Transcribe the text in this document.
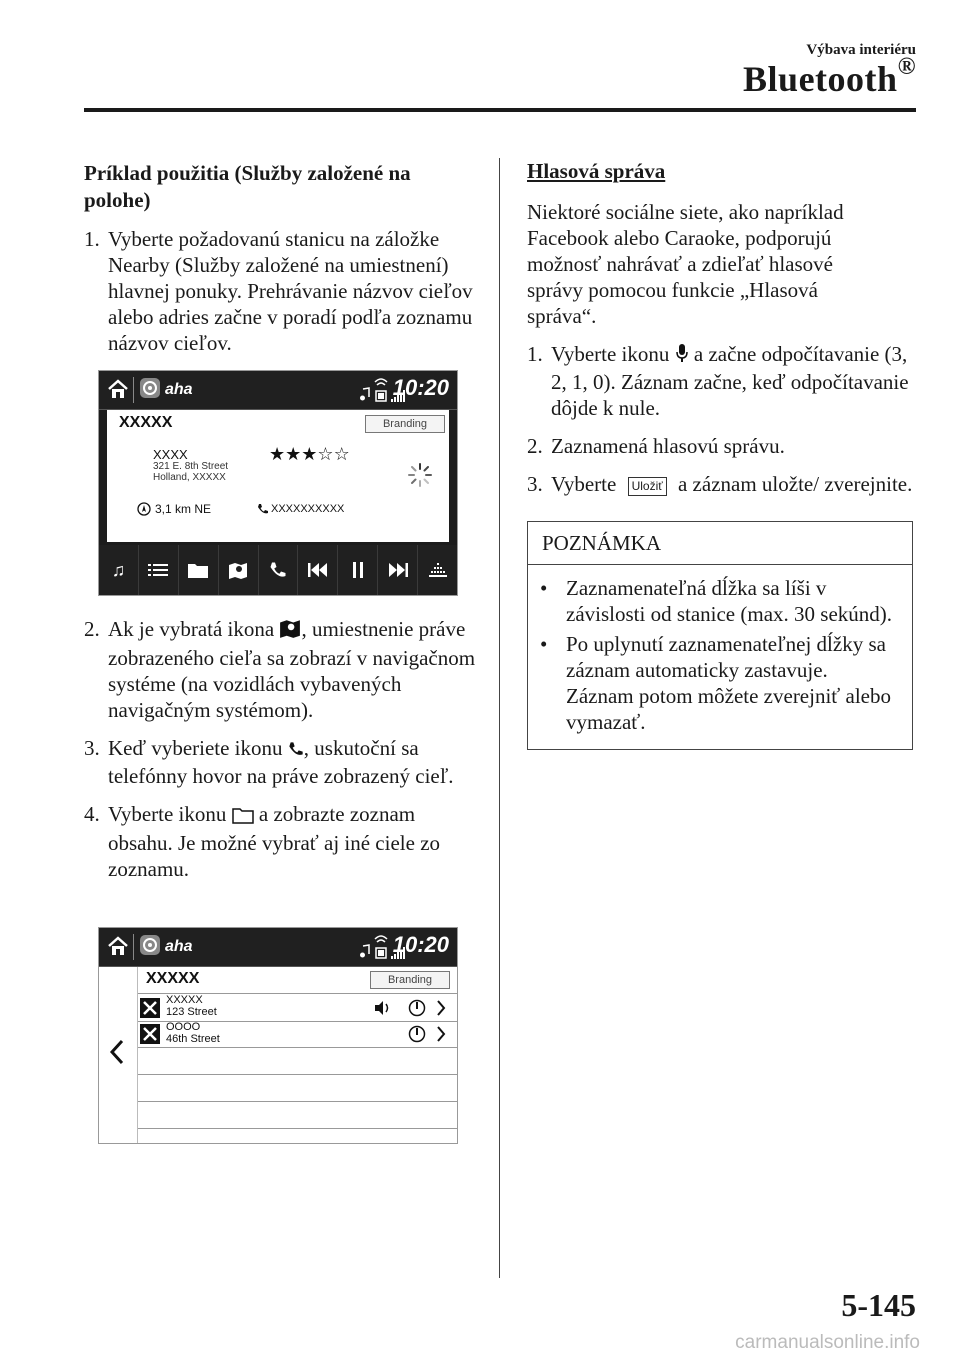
Výbava interiéru
Bluetooth®
Príklad použitia (Služby založené na polohe)
1. Vyberte požadovanú stanicu na záložke Nearby (Služby založené na umiestnení) hlavnej ponuky. Prehrávanie názvov cieľov alebo adries začne v poradí podľa zoznamu názvov cieľov.
aha	10:20
XXXXX	Branding
XXXX
321 E. 8th Street
Holland, XXXXX
★★★☆☆
3,1 km NE	XXXXXXXXXX
♫
2. Ak je vybratá ikona , umiestnenie práve zobrazeného cieľa sa zobrazí v navigačnom systéme (na vozidlách vybavených navigačným systémom).
3. Keď vyberiete ikonu , uskutoční sa telefónny hovor na práve zobrazený cieľ.
4. Vyberte ikonu  a zobrazte zoznam obsahu. Je možné vybrať aj iné ciele zo zoznamu.
aha	10:20
XXXXX	Branding
XXXXX
123 Street
OOOO
46th Street
Hlasová správa
Niektoré sociálne siete, ako napríklad Facebook alebo Caraoke, podporujú možnosť nahrávať a zdieľať hlasové správy pomocou funkcie „Hlasová správa“.
1. Vyberte ikonu  a začne odpočítavanie (3, 2, 1, 0). Záznam začne, keď odpočítavanie dôjde k nule.
2. Zaznamená hlasovú správu.
3. Vyberte Uložiť a záznam uložte/ zverejnite.
POZNÁMKA
• Zaznamenateľná dĺžka sa líši v závislosti od stanice (max. 30 sekúnd).
• Po uplynutí zaznamenateľnej dĺžky sa záznam automaticky zastavuje. Záznam potom môžete zverejniť alebo vymazať.
5-145
carmanualsonline.info
